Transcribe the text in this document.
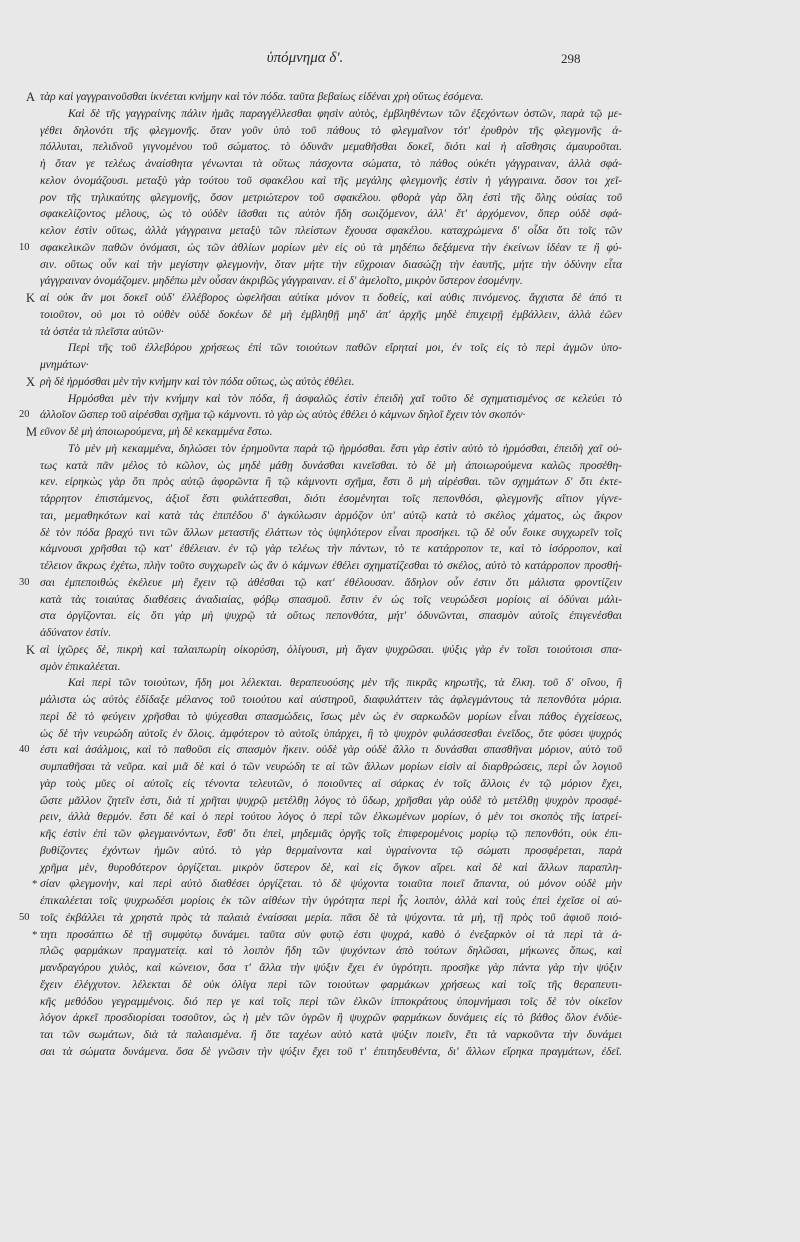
ὑπόμνημα δ'.	298
A τὰρ καὶ γαγγραινοῦσθαι ἱκνέεται κνήμην καὶ τὸν πόδα. ταῦτα βεβαίως εἰδέναι χρὴ οὕτως ἐσόμενα.
Καὶ δὲ τῆς γαγγραίνης πάλιν ἡμᾶς παραγγέλλεσθαι φησὶν αὐτὸς, ἐμβληθέντων τῶν ἐξεχόντων ὀστῶν, παρὰ τῷ με-
γέθει δηλονότι τῆς φλεγμονῆς. ὅταν γοῦν ὑπὸ τοῦ πάθους τὸ φλεγμαῖνον τότ' ἐρυθρὸν τῆς φλεγμονῆς ἀ-
πόλλυται, πελιδνοῦ γιγνομένου τοῦ σώματος. τὸ ὀδυνᾶν μεμαθῆσθαι δοκεῖ, διότι καὶ ἡ αἴσθησις ἀμαυροῦται.
ἡ ὅταν γε τελέως ἀναίσθητα γένωνται τὰ οὕτως πάσχοντα σώματα, τὸ πάθος οὐκέτι γάγγραιναν, ἀλλὰ σφά-
κελον ὀνομάζουσι. μεταξὺ γὰρ τούτου τοῦ σφακέλου καὶ τῆς μεγάλης φλεγμονῆς ἐστὶν ἡ γάγγραινα. ὅσον τοι χεῖ-
ρον τῆς τηλικαύτης φλεγμονῆς, ὅσον μετριώτερον τοῦ σφακέλου. φθορὰ γὰρ ὅλη ἐστὶ τῆς ὅλης οὐσίας τοῦ
σφακελίζοντος μέλους, ὡς τὸ οὐδὲν ἰᾶσθαι τις αὐτὸν ἤδη σωιζόμενον, ἀλλ' ἔτ' ἀρχόμενον, ὅπερ οὐδὲ σφά-
κελον ἐστὶν οὕτως, ἀλλὰ γάγγραινα μεταξὺ τῶν πλείστων ἔχουσα σφακέλου. καταχρώμενα δ' οἶδα ὅτι τοῖς τῶν
10 σφακελικῶν παθῶν ὀνόμασι, ὡς τῶν ἀθλίων μορίων μὲν εἰς οὐ τὰ μηδέπω δεξάμενα τὴν ἐκείνων ἰδέαν τε ἢ φύ-
σιν. οὕτως οὖν καὶ τὴν μεγίστην φλεγμονὴν, ὅταν μήτε τὴν εὔχροιαν διασώζῃ τὴν ἑαυτῆς, μήτε τὴν ὀδύνην εἶτα
γάγγραιναν ὀνομάζομεν. μηδέπω μὲν οὖσαν ἀκριβῶς γάγγραιναν. εἰ δ' ἀμελοῖτο, μικρὸν ὕστερον ἐσομένην.
K αἱ οὐκ ἄν μοι δοκεῖ οὐδ' ἐλλέβορος ὠφελῆσαι αὐτίκα μόνον τι δοθείς, καὶ αὐθις πινόμενος. ἄγχιστα δὲ ἀπό τι
τοιοῦτον, οὐ μοι τὸ οὐθὲν οὐδὲ δοκέων δὲ μὴ ἐμβληθῇ μηδ' ἀπ' ἀρχῆς μηδὲ ἐπιχειρῇ ἐμβάλλειν, ἀλλὰ ἐῶεν
τὰ ὀστέα τὰ πλεῖστα αὐτῶν·
Περὶ τῆς τοῦ ἐλλεβόρου χρήσεως ἐπὶ τῶν τοιούτων παθῶν εἴρηταί μοι, ἐν τοῖς εἰς τὸ περὶ ἀγμῶν ὑπο-
μνημάτων·
X ρὴ δὲ ἡρμόσθαι μὲν τὴν κνήμην καὶ τὸν πόδα οὕτως, ὡς αὐτὸς ἐθέλει.
Ηρμόσθαι μὲν τὴν κνήμην καὶ τὸν πόδα, ἢ ἀσφαλῶς ἐστὶν ἐπειδὴ χαῖ τοῦτο δὲ σχηματισμένος σε κελεύει τὸ
20 ἀλλοῖον ὥσπερ τοῦ αἱρέσθαι σχῆμα τῷ κάμνοντι. τὸ γὰρ ὡς αὐτὸς ἐθέλει ὁ κάμνων δηλοῖ ἔχειν τὸν σκοπόν·
M εῦνον δὲ μὴ ἀποιωρούμενα, μὴ δὲ κεκαμμένα ἔστω.
Τὸ μὲν μὴ κεκαμμένα, δηλώσει τὸν ἐρημοῦντα παρὰ τῷ ἡρμόσθαι. ἔστι γὰρ ἐστὶν αὐτὸ τὸ ἡρμόσθαι, ἐπειδὴ χαῖ οὐ-
τως κατὰ πᾶν μέλος τὸ κῶλον, ὡς μηδὲ μάθῃ δυνάσθαι κινεῖσθαι. τὸ δὲ μὴ ἀποιωρούμενα καλῶς προσέθη-
κεν. εἰρηκὼς γὰρ ὅτι πρὸς αὐτῷ ἀφορῶντα ἢ τῷ κάμνοντι σχῆμα, ἔστι ὃ μὴ αἱρέσθαι. τῶν σχημάτων δ' ὅτι ἐκτε-
τάρρητον ἐπιστάμενος, ἀξιοῖ ἔστι φυλάττεσθαι, διότι ἐσομένηται τοῖς πεπονθόσι, φλεγμονῆς αἴτιον γίγνε-
ται, μεμαθηκότων καὶ κατὰ τὰς ἐπιπέδου δ' ἀγκύλωσιν ἁρμόζον ὑπ' αὐτῷ κατὰ τὸ σκέλος χάματος, ὡς ἄκρον
δὲ τὸν πόδα βραχύ τινι τῶν ἄλλων μεταστῆς ἐλάττων τὸς ὑψηλότερον εἶναι προσήκει. τῷ δὲ οὖν ἔοικε συγχωρεῖν τοῖς
κάμνουσι χρῆσθαι τῷ κατ' ἐθέλειαν. ἐν τῷ γὰρ τελέως τὴν πάντων, τὸ τε κατάρροπον τε, καὶ τὸ ἰσόρροπον, καὶ
τέλειον ἄκρως ἐχέτω, πλὴν τοῦτο συγχωρεῖν ὡς ἂν ὁ κάμνων ἐθέλει σχηματίζεσθαι τὸ σκέλος, αὐτὸ τὸ κατάρροπον προσθή-
30 σαι ἐμπεποιθώς ἐκέλευε μὴ ἔχειν τῷ ἀθέσθαι τῷ κατ' ἐθέλουσαν. ἄδηλον οὖν ἐστιν ὅτι μάλιστα φροντίζειν
κατὰ τὰς τοιαύτας διαθέσεις ἀναδιαίας, φόβῳ σπασμοῦ. ἔστιν ἐν ὡς τοῖς νευρώδεσι μορίοις αἱ ὀδύναι μάλι-
στα ὀργίζονται. εἰς ὅτι γὰρ μὴ ψυχρῷ τὰ οὕτως πεπονθότα, μήτ' ὀδυνῶνται, σπασμὸν αὐτοῖς ἐπιγενέσθαι
ἀδύνατον ἐστίν.
K αὶ ἰχῶρες δὲ, πικρὴ καὶ ταλαιπωρίη οἰκορύση, ὀλίγουσι, μὴ ἄγαν ψυχρῶσαι. ψύξις γὰρ ἐν τοῖσι τοιούτοισι σπα-
σμὸν ἐπικαλέεται.
Καὶ περὶ τῶν τοιούτων, ἤδη μοι λέλεκται. θεραπευούσης μὲν τῆς πικρᾶς κηρωτῆς, τὰ ἕλκη. τοῦ δ' οἴνου, ἢ
μάλιστα ὡς αὐτὸς ἐδίδαξε μέλανος τοῦ τοιούτου καὶ αὐστηροῦ, διαφυλάττειν τὰς ἀφλεγμάντους τὰ πεπονθότα μόρια.
περὶ δὲ τὸ φεύγειν χρῆσθαι τὸ ψύχεσθαι σπασμώδεις, ἴσως μὲν ὡς ἐν σαρκωδῶν μορίων εἶναι πάθος ἐγχείσεως,
ὡς δὲ τὴν νευρώδη αὐτοῖς ἐν ὅλοις. ἀμφότερον τὸ αὐτοῖς ὑπάρχει, ἢ τὸ ψυχρὸν φυλάσσεσθαι ἐνεῖδος, ὅτε φύσει ψυχρός
40 ἐστι καὶ ἀσάλμοις, καὶ τὸ παθοῦσι εἰς σπασμὸν ἥκειν. οὐδὲ γὰρ οὐδὲ ἄλλο τι δυνάσθαι σπασθῆναι μόριον, αὐτὸ τοῦ
συμπαθῆσαι τὰ νεῦρα. καὶ μιᾶ δὲ καὶ ὁ τῶν νευρώδη τε αἱ τῶν ἄλλων μορίων εἰσὶν αἱ διαρθρώσεις, περὶ ὧν λογιοῦ
γὰρ τοὺς μῦες οἱ αὐτοῖς εἰς τένοντα τελευτῶν, ὁ ποιοῦντες αἱ σάρκας ἐν τοῖς ἄλλοις ἐν τῷ μόριον ἔχει,
ὥστε μᾶλλον ζητεῖν ἐστι, διὰ τί χρῆται ψυχρῷ μετέλθῃ λόγος τὸ ὕδωρ, χρῆσθαι γὰρ οὐδὲ τὸ μετέλθῃ ψυχρὸν προσφέ-
ρειν, ἀλλὰ θερμόν. ἔστι δὲ καὶ ὁ περὶ τούτου λόγος ὁ περὶ τῶν ἑλκωμένων μορίων, ὁ μὲν τοι σκοπὸς τῆς ἰατρεί-
κῆς ἐστὶν ἐπὶ τῶν φλεγμαινόντων, ἔσθ' ὅτι ἐπεὶ, μηδεμιᾶς ὀργῆς τοῖς ἐπιφερομένοις μορίῳ τῷ πεπονθότι, οὐκ ἐπι-
βυθίζοντες ἐχόντων ἡμῶν αὐτό. τὸ γὰρ θερμαίνοντα καὶ ὑγραίνοντα τῷ σώματι προσφέρεται, παρὰ
χρῆμα μὲν, θυροθότερον ὀργίζεται. μικρὸν ὕστερον δὲ, καὶ εἰς ὄγκον αἴρει. καὶ δὲ καὶ ἄλλων παραπλη-
* σίαν φλεγμονὴν, καὶ περὶ αὐτὸ διαθέσει ὀργίζεται. τὸ δὲ ψύχοντα τοιαῦτα ποιεῖ ἅπαντα, οὐ μόνον οὐδὲ μὴν
ἐπικαλέεται τοῖς ψυχρωδέσι μορίοις ἐκ τῶν αἰθέων τὴν ὑγρότητα περὶ ἧς λοιπὸν, ἀλλὰ καὶ τοὺς ἐπεὶ ἐχεῖσε οἱ αὐ-
50 τοῖς ἐκβάλλει τὰ χρηστὰ πρὸς τὰ παλαιὰ ἐναίσσαι μερία. πᾶσι δὲ τὰ ψύχοντα. τὰ μὴ, τῇ πρὸς τοῦ ἀφιοῦ ποιό-
* τητι προσάπτω δὲ τῇ συμφύτῳ δυνάμει. ταῦτα σὺν φυτῷ ἐστι ψυχρά, καθὸ ὁ ἐνεξαρκὸν οἱ τὰ περὶ τὰ ἀ-
πλῶς φαρμάκων πραγματείᾳ. καὶ τὸ λοιπὸν ἤδη τῶν ψυχόντων ἀπὸ τούτων δηλῶσαι, μήκωνες ὅπως, καὶ
μανδραγόρου χυλὸς, καὶ κώνειον, ὅσα τ' ἄλλα τὴν ψύξιν ἔχει ἐν ὑγρότητι. προσῆκε γὰρ πάντα γὰρ τὴν ψύξιν
ἔχειν ἐλέγχυτον. λέλεκται δὲ οὐκ ὀλίγα περὶ τῶν τοιούτων φαρμάκων χρήσεως καὶ τοῖς τῆς θεραπευτι-
κῆς μεθόδου γεγραμμένοις. διό περ γε καὶ τοῖς περὶ τῶν ἑλκῶν ἱπποκράτους ὑπομνήμασι τοῖς δὲ τὸν οἰκεῖον
λόγον ἀρκεῖ προσδιορίσαι τοσοῦτον, ὡς ἡ μὲν τῶν ὑγρῶν ἢ ψυχρῶν φαρμάκων δυνάμεις εἰς τὸ βάθος ὅλον ἐνδύε-
ται τῶν σωμάτων, διὰ τὰ παλαισμένα. ἢ ὅτε ταχέων αὐτὸ κατὰ ψύξιν ποιεῖν, ἔτι τὰ ναρκοῦντα τὴν δυνάμει
σαι τὰ σώματα δυνάμενα. ὅσα δὲ γνῶσιν τὴν ψύξιν ἔχει τοῦ τ' ἐπιτηδευθέντα, δι' ἄλλων εἴρηκα πραγμάτων, ἐδεῖ.
